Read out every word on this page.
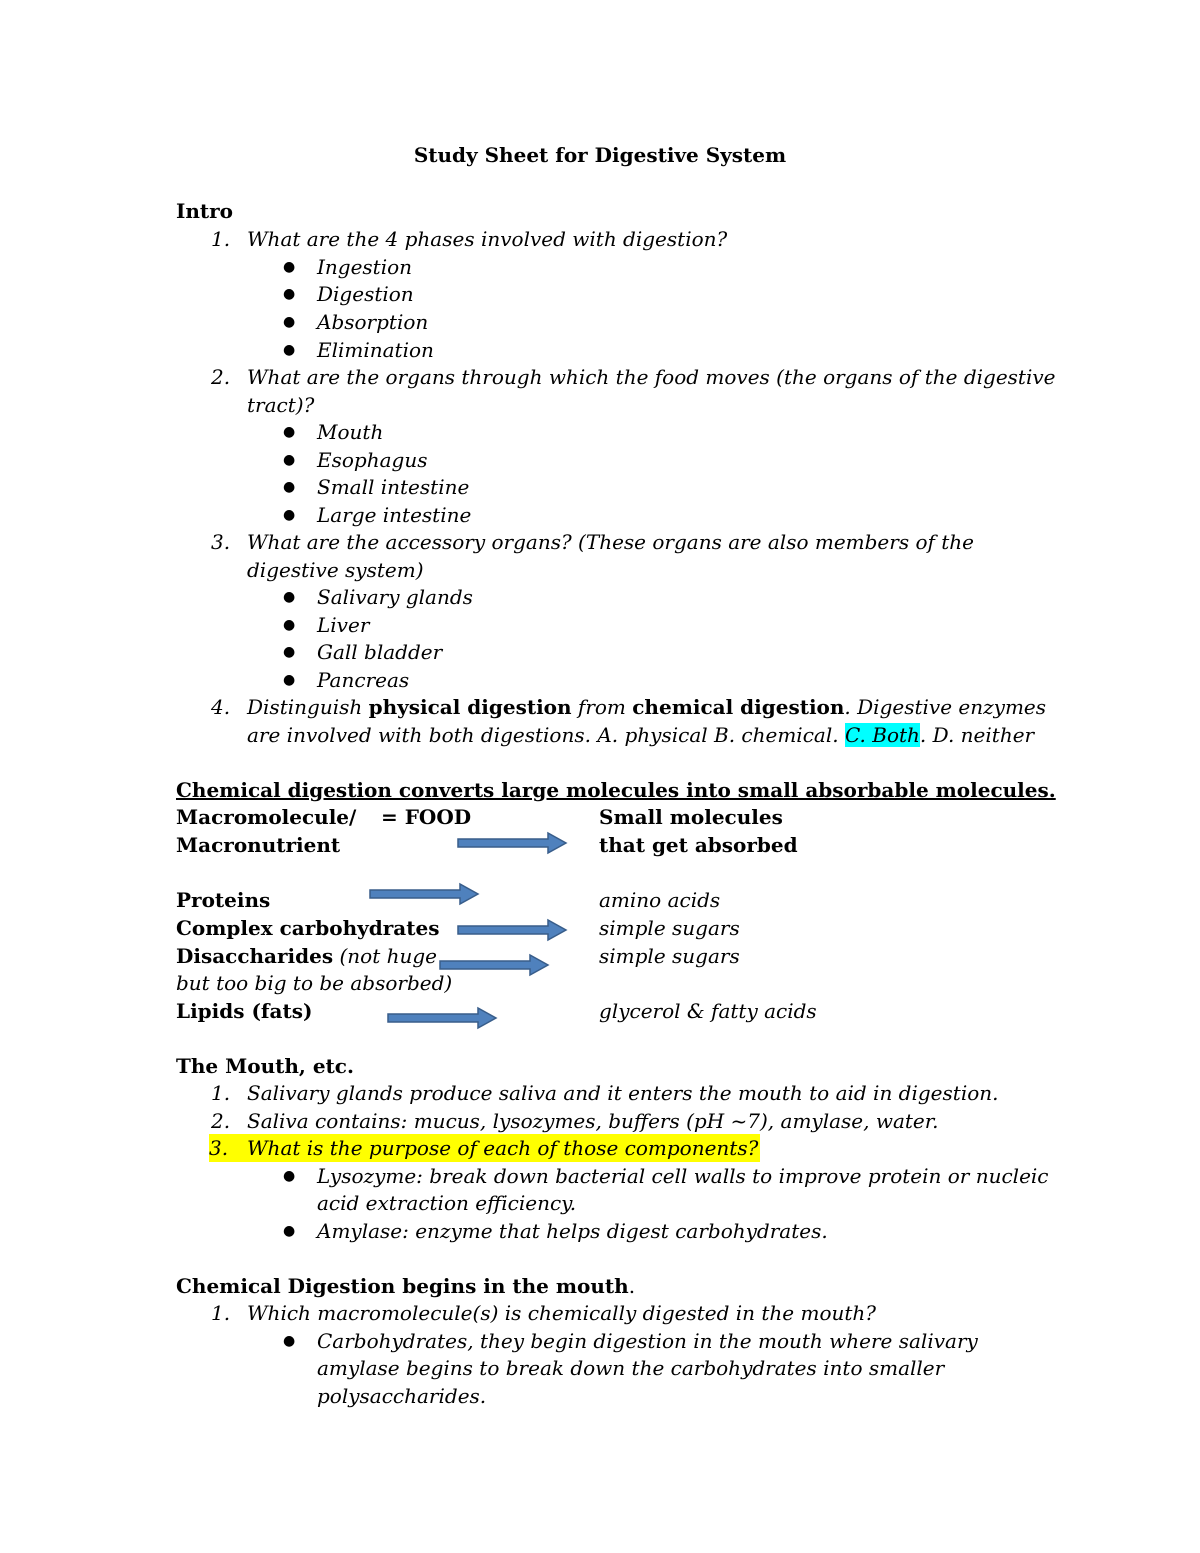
Study Sheet for Digestive System
Intro
1. What are the 4 phases involved with digestion?
● Ingestion
● Digestion
● Absorption
● Elimination
2. What are the organs through which the food moves (the organs of the digestive
tract)?
● Mouth
● Esophagus
● Small intestine
● Large intestine
3. What are the accessory organs? (These organs are also members of the
digestive system)
● Salivary glands
● Liver
● Gall bladder
● Pancreas
4. Distinguish physical digestion from chemical digestion. Digestive enzymes
are involved with both digestions. A. physical B. chemical. C. Both. D. neither
Chemical digestion converts large molecules into small absorbable molecules.
Macromolecule/ = FOOD	Small molecules
Macronutrient	that get absorbed
Proteins	amino acids
Complex carbohydrates	simple sugars
Disaccharides (not huge	simple sugars
but too big to be absorbed)
Lipids (fats)	glycerol & fatty acids
The Mouth, etc.
1. Salivary glands produce saliva and it enters the mouth to aid in digestion.
2. Saliva contains: mucus, lysozymes, buffers (pH ~7), amylase, water.
3. What is the purpose of each of those components?
● Lysozyme: break down bacterial cell walls to improve protein or nucleic
acid extraction efficiency.
● Amylase: enzyme that helps digest carbohydrates.
Chemical Digestion begins in the mouth.
1. Which macromolecule(s) is chemically digested in the mouth?
● Carbohydrates, they begin digestion in the mouth where salivary
amylase begins to break down the carbohydrates into smaller
polysaccharides.
